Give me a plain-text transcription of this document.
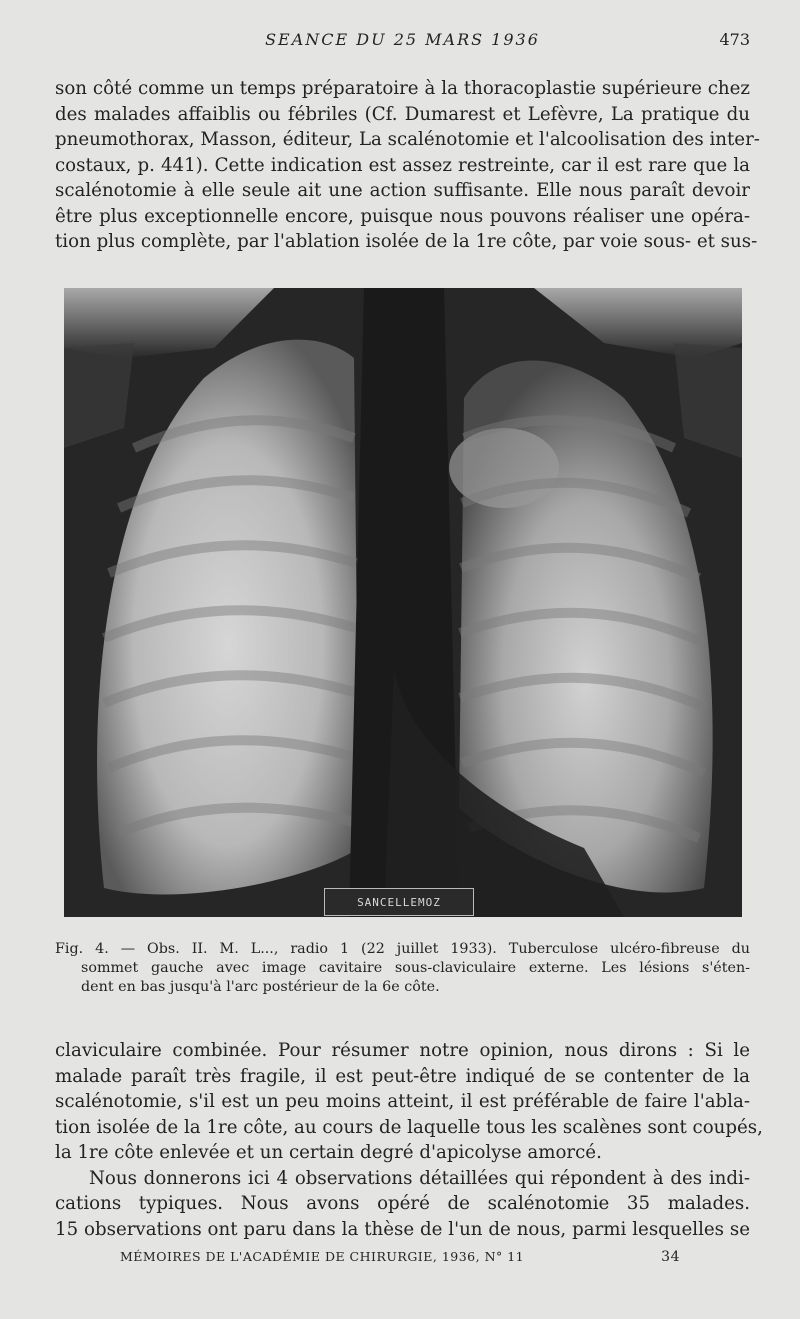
SEANCE DU 25 MARS 1936	473
son côté comme un temps préparatoire à la thoracoplastie supérieure chez
des malades affaiblis ou fébriles (Cf. Dumarest et Lefèvre, La pratique du
pneumothorax, Masson, éditeur, La scalénotomie et l'alcoolisation des inter-
costaux, p. 441). Cette indication est assez restreinte, car il est rare que la
scalénotomie à elle seule ait une action suffisante. Elle nous paraît devoir
être plus exceptionnelle encore, puisque nous pouvons réaliser une opéra-
tion plus complète, par l'ablation isolée de la 1re côte, par voie sous- et sus-
SANCELLEMOZ
Fig. 4. — Obs. II. M. L..., radio 1 (22 juillet 1933). Tuberculose ulcéro-fibreuse du
sommet gauche avec image cavitaire sous-claviculaire externe. Les lésions s'éten-
dent en bas jusqu'à l'arc postérieur de la 6e côte.
claviculaire combinée. Pour résumer notre opinion, nous dirons : Si le
malade paraît très fragile, il est peut-être indiqué de se contenter de la
scalénotomie, s'il est un peu moins atteint, il est préférable de faire l'abla-
tion isolée de la 1re côte, au cours de laquelle tous les scalènes sont coupés,
la 1re côte enlevée et un certain degré d'apicolyse amorcé.
Nous donnerons ici 4 observations détaillées qui répondent à des indi-
cations typiques. Nous avons opéré de scalénotomie 35 malades.
15 observations ont paru dans la thèse de l'un de nous, parmi lesquelles se
MÉMOIRES DE L'ACADÉMIE DE CHIRURGIE, 1936, N° 11	34
